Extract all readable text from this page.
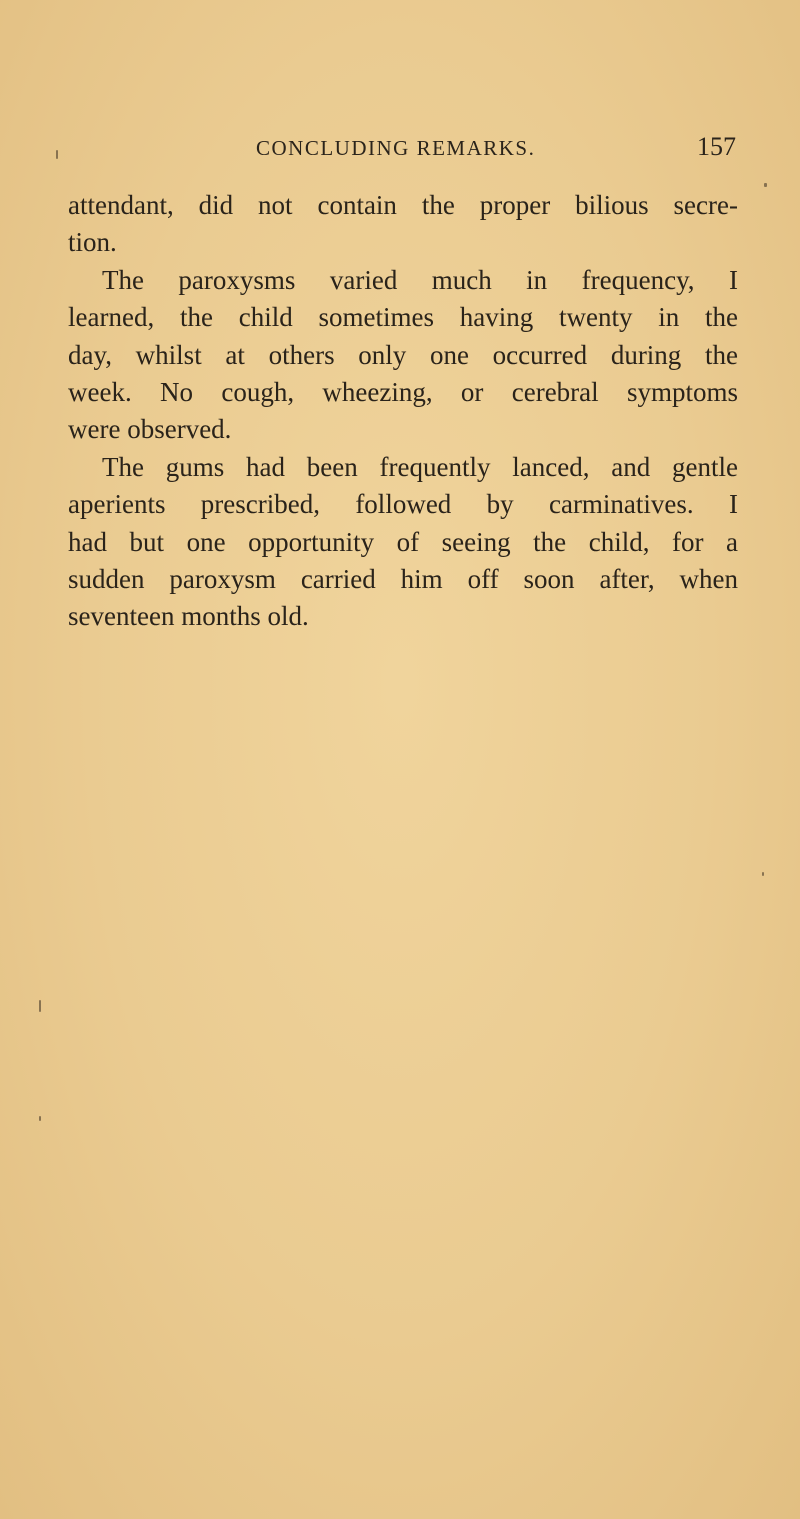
CONCLUDING REMARKS.	157
attendant, did not contain the proper bilious secre-
tion.
The paroxysms varied much in frequency, I
learned, the child sometimes having twenty in the
day, whilst at others only one occurred during the
week. No cough, wheezing, or cerebral symptoms
were observed.
The gums had been frequently lanced, and gentle
aperients prescribed, followed by carminatives. I
had but one opportunity of seeing the child, for a
sudden paroxysm carried him off soon after, when
seventeen months old.
